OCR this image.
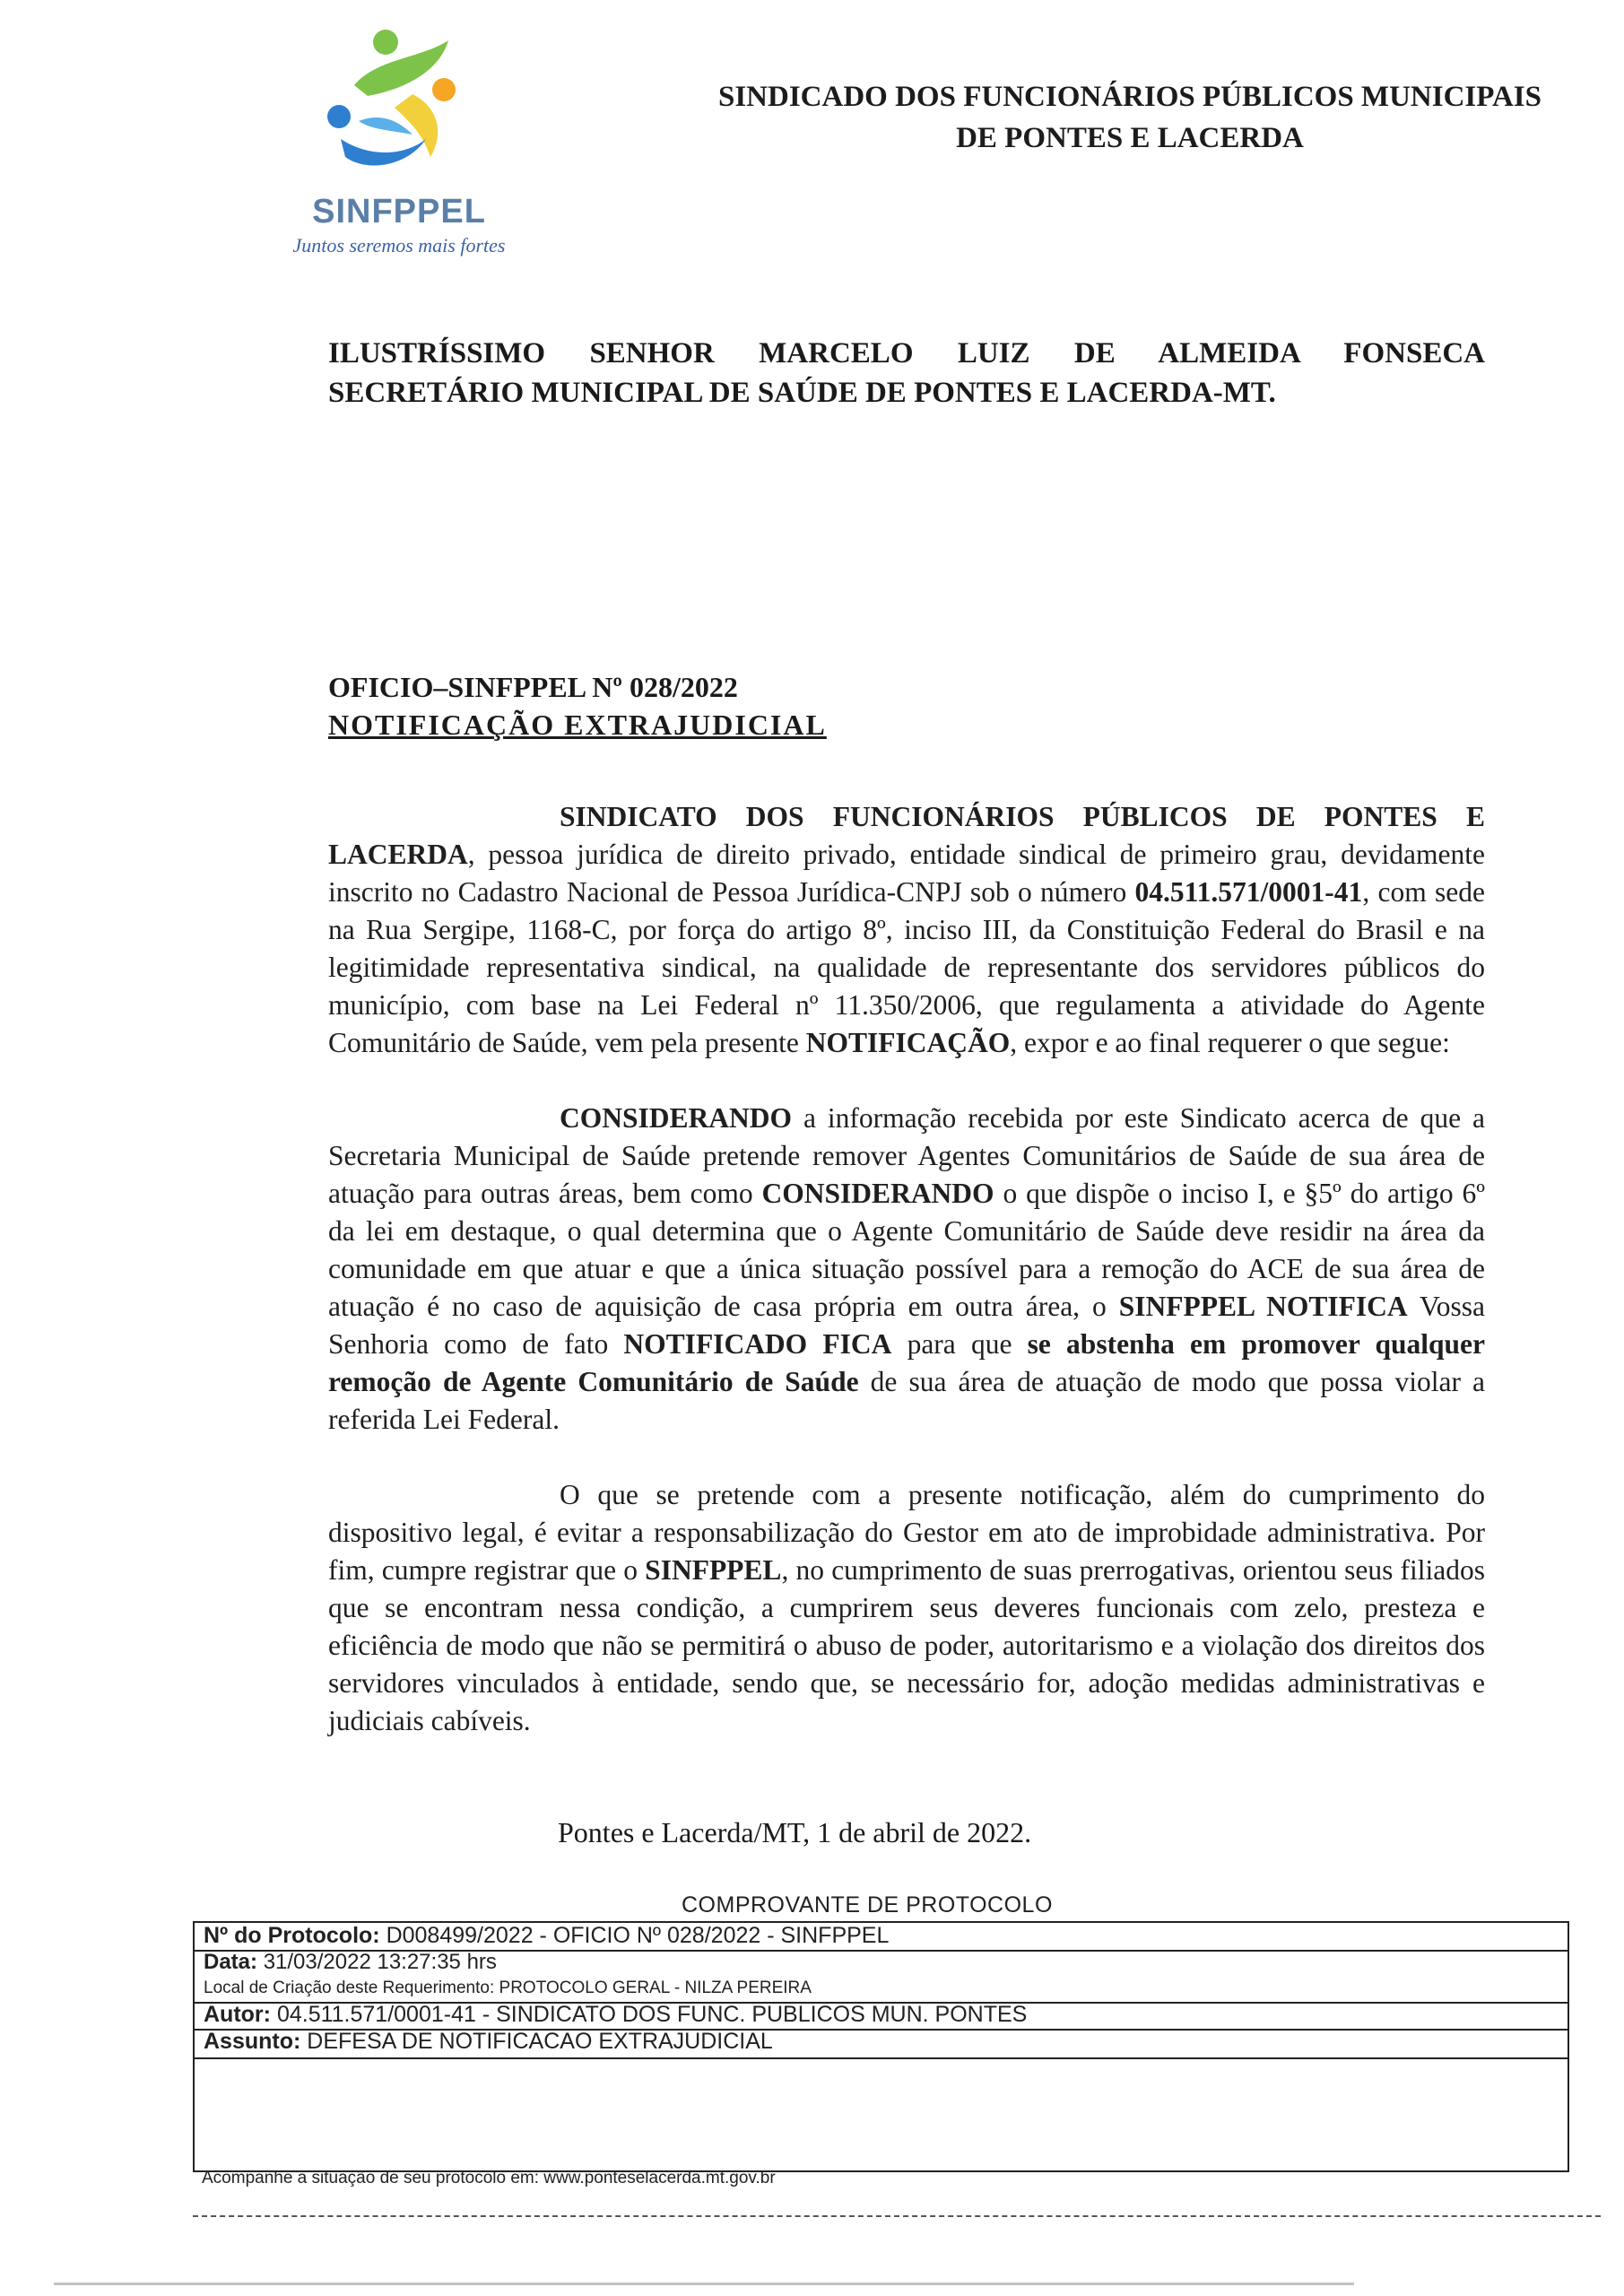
SINFPPEL
Juntos seremos mais fortes
SINDICADO DOS FUNCIONÁRIOS PÚBLICOS MUNICIPAIS
DE PONTES E LACERDA
ILUSTRÍSSIMO SENHOR MARCELO LUIZ DE ALMEIDA FONSECA
SECRETÁRIO MUNICIPAL DE SAÚDE DE PONTES E LACERDA-MT.
OFICIO–SINFPPEL Nº 028/2022
NOTIFICAÇÃO EXTRAJUDICIAL

SINDICATO DOS FUNCIONÁRIOS PÚBLICOS DE PONTES E LACERDA, pessoa jurídica de direito privado, entidade sindical de primeiro grau, devidamente inscrito no Cadastro Nacional de Pessoa Jurídica-CNPJ sob o número 04.511.571/0001-41, com sede na Rua Sergipe, 1168-C, por força do artigo 8º, inciso III, da Constituição Federal do Brasil e na legitimidade representativa sindical, na qualidade de representante dos servidores públicos do município, com base na Lei Federal nº 11.350/2006, que regulamenta a atividade do Agente Comunitário de Saúde, vem pela presente NOTIFICAÇÃO, expor e ao final requerer o que segue:

CONSIDERANDO a informação recebida por este Sindicato acerca de que a Secretaria Municipal de Saúde pretende remover Agentes Comunitários de Saúde de sua área de atuação para outras áreas, bem como CONSIDERANDO o que dispõe o inciso I, e §5º do artigo 6º da lei em destaque, o qual determina que o Agente Comunitário de Saúde deve residir na área da comunidade em que atuar e que a única situação possível para a remoção do ACE de sua área de atuação é no caso de aquisição de casa própria em outra área, o SINFPPEL NOTIFICA Vossa Senhoria como de fato NOTIFICADO FICA para que se abstenha em promover qualquer remoção de Agente Comunitário de Saúde de sua área de atuação de modo que possa violar a referida Lei Federal.

O que se pretende com a presente notificação, além do cumprimento do dispositivo legal, é evitar a responsabilização do Gestor em ato de improbidade administrativa. Por fim, cumpre registrar que o SINFPPEL, no cumprimento de suas prerrogativas, orientou seus filiados que se encontram nessa condição, a cumprirem seus deveres funcionais com zelo, presteza e eficiência de modo que não se permitirá o abuso de poder, autoritarismo e a violação dos direitos dos servidores vinculados à entidade, sendo que, se necessário for, adoção medidas administrativas e judiciais cabíveis.

Pontes e Lacerda/MT, 1 de abril de 2022.
COMPROVANTE DE PROTOCOLO
Nº do Protocolo: D008499/2022 - OFICIO Nº 028/2022 - SINFPPEL
Data: 31/03/2022 13:27:35 hrs
Local de Criação deste Requerimento: PROTOCOLO GERAL - NILZA PEREIRA
Autor: 04.511.571/0001-41 - SINDICATO DOS FUNC. PUBLICOS MUN. PONTES
Assunto: DEFESA DE NOTIFICACAO EXTRAJUDICIAL
Acompanhe a situação de seu protocolo em: www.ponteselacerda.mt.gov.br
